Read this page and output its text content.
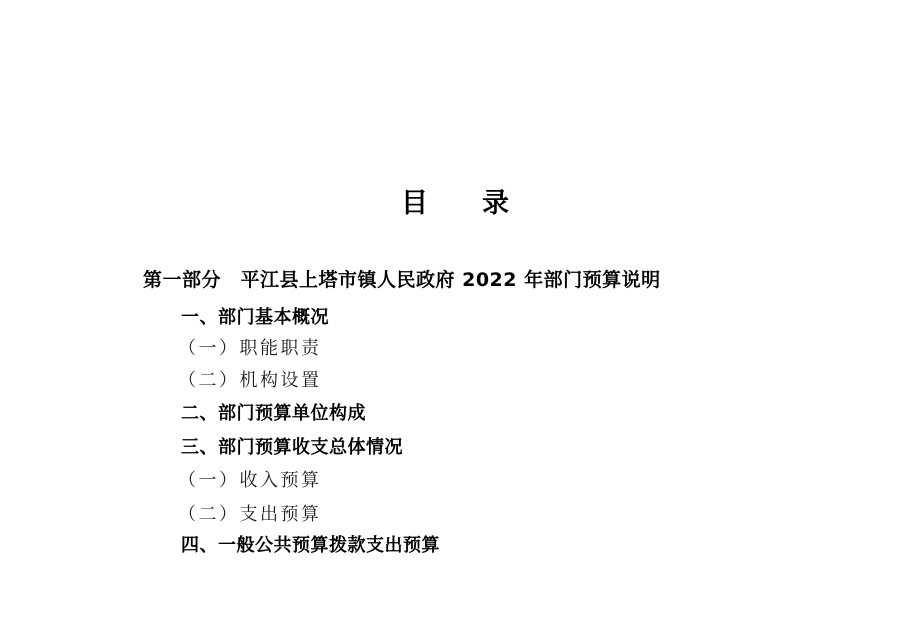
目　　录
第一部分　平江县上塔市镇人民政府 2022 年部门预算说明
一、部门基本概况
（一）职能职责
（二）机构设置
二、部门预算单位构成
三、部门预算收支总体情况
（一）收入预算
（二）支出预算
四、一般公共预算拨款支出预算
